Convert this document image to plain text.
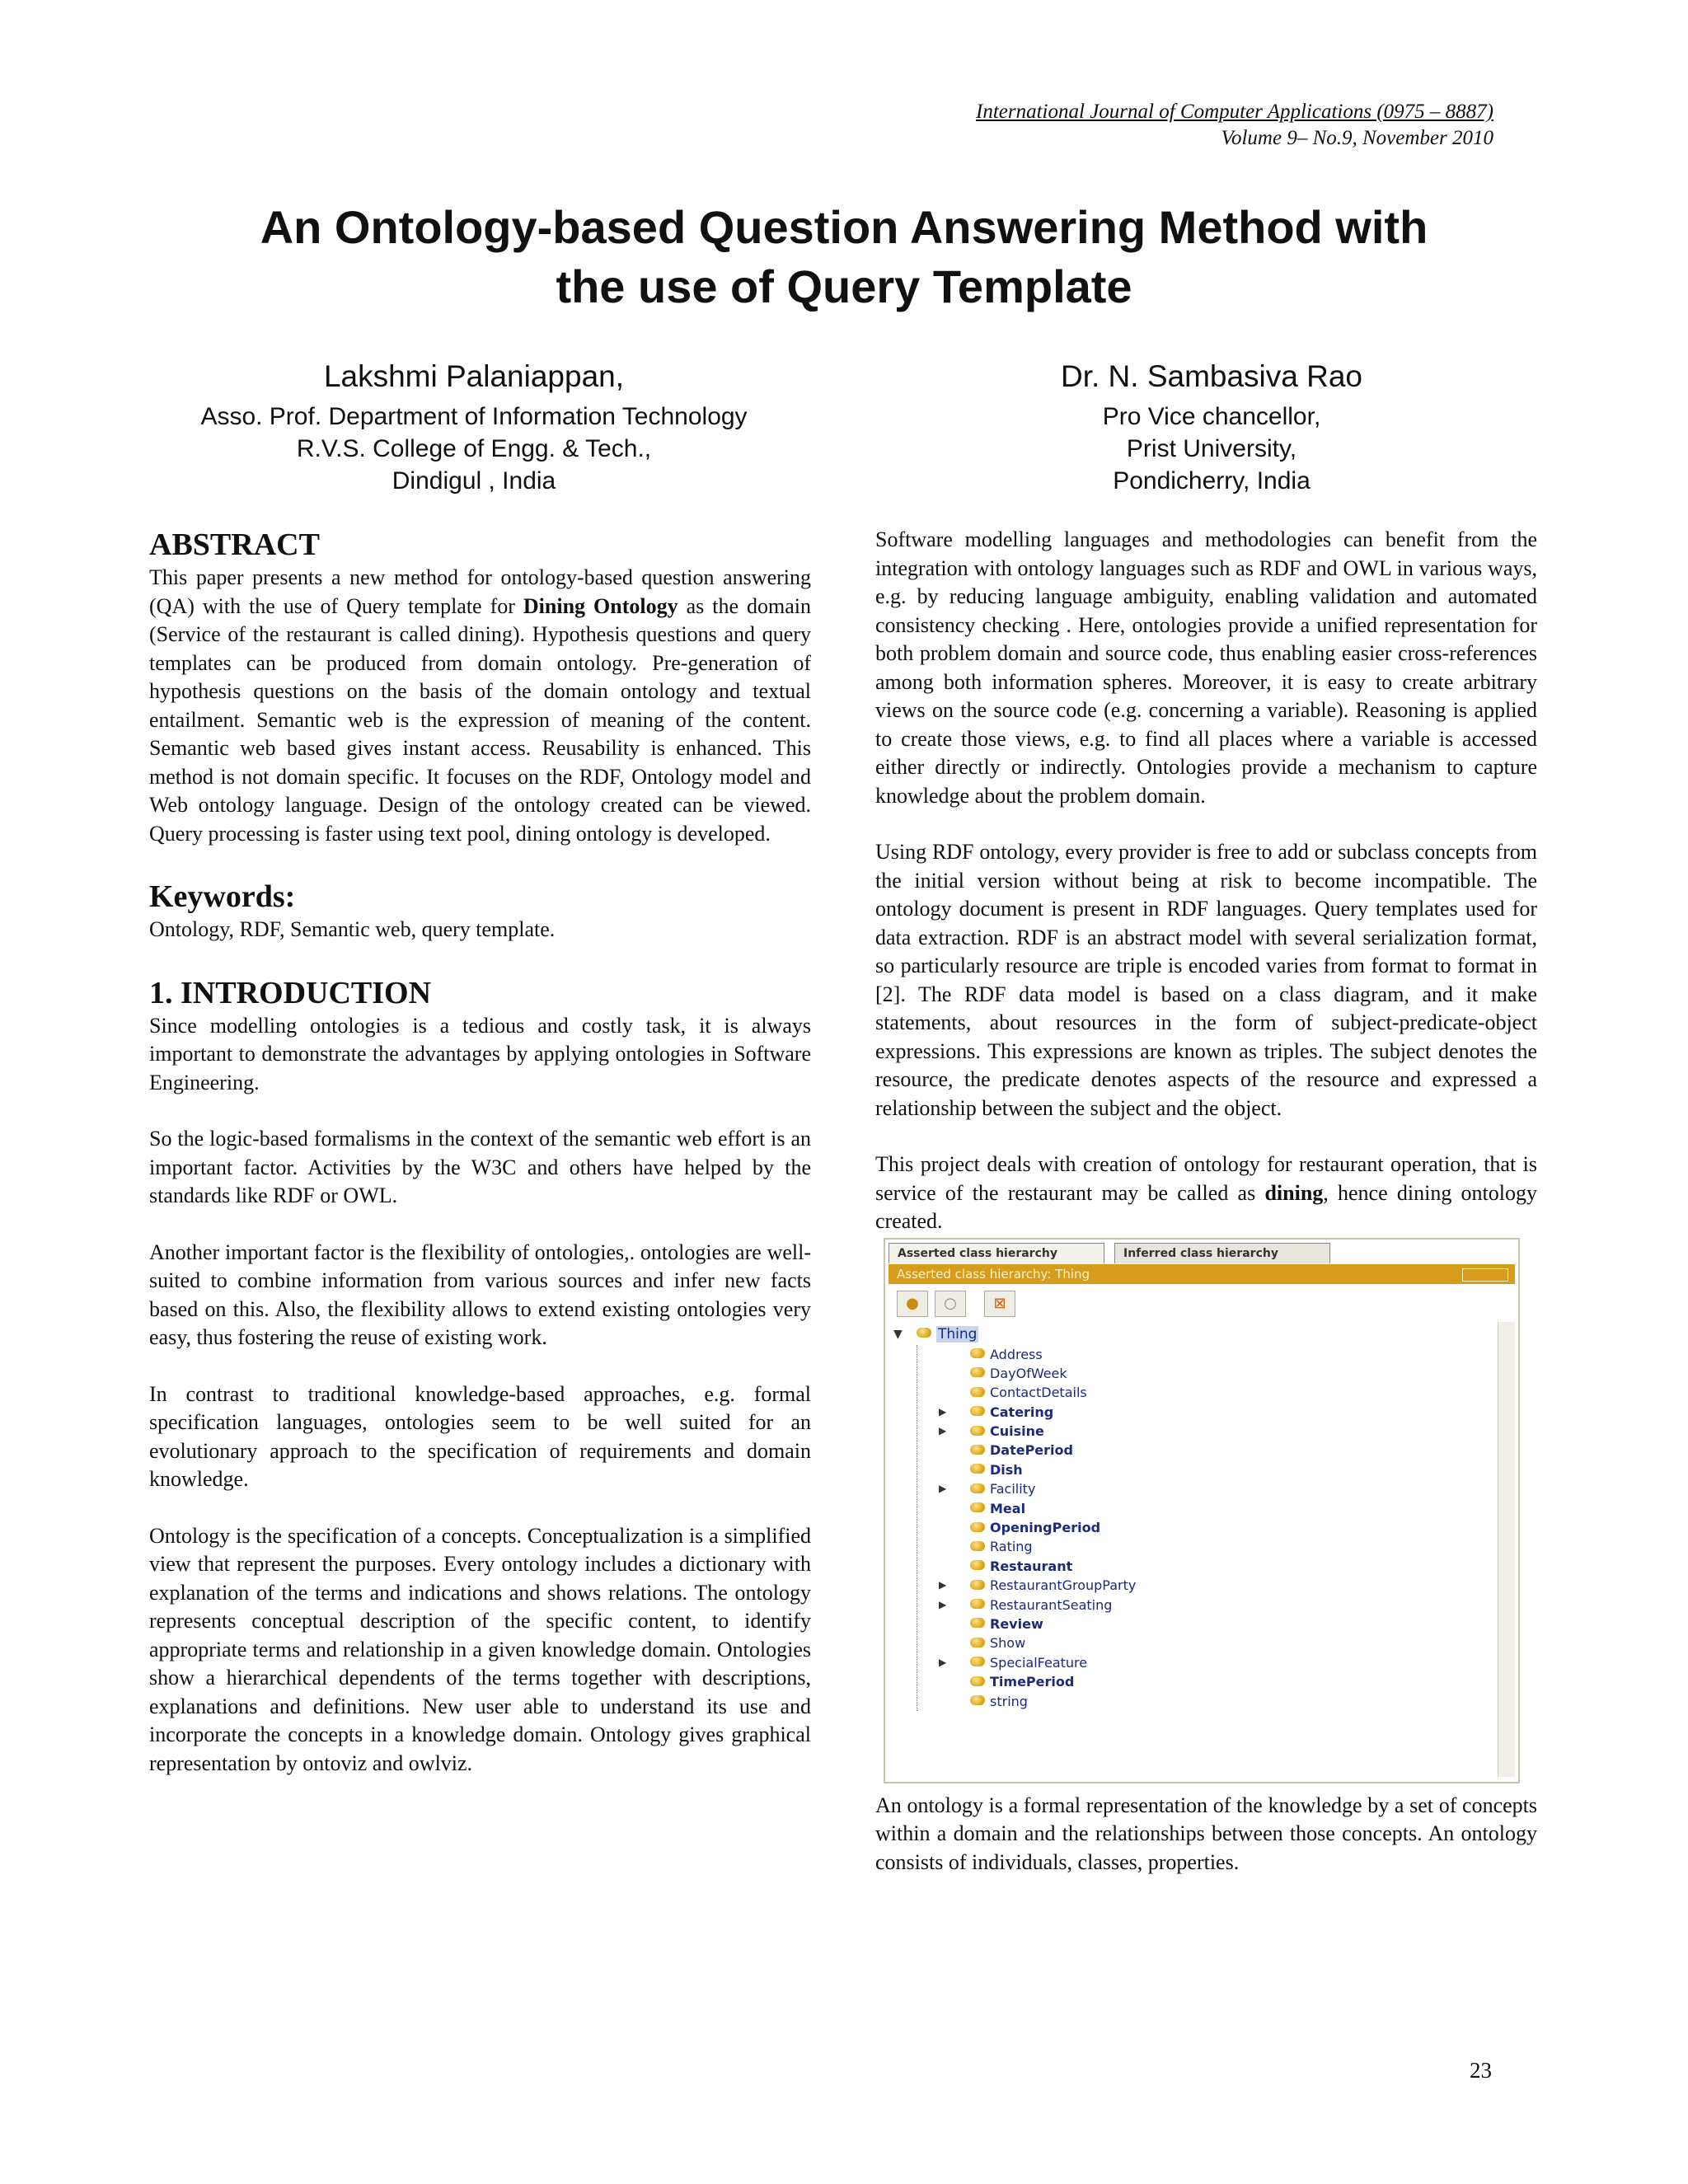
International Journal of Computer Applications (0975 – 8887)
Volume 9– No.9, November 2010
An Ontology-based Question Answering Method with
the use of Query Template
Lakshmi Palaniappan,
Asso. Prof. Department of Information Technology
R.V.S. College of Engg. & Tech.,
Dindigul , India
Dr. N. Sambasiva Rao
Pro Vice chancellor,
Prist University,
Pondicherry, India
ABSTRACT

This paper presents a new method for ontology-based question answering (QA) with the use of Query template for Dining Ontology as the domain (Service of the restaurant is called dining). Hypothesis questions and query templates can be produced from domain ontology. Pre-generation of hypothesis questions on the basis of the domain ontology and textual entailment. Semantic web is the expression of meaning of the content. Semantic web based gives instant access. Reusability is enhanced. This method is not domain specific. It focuses on the RDF, Ontology model and Web ontology language. Design of the ontology created can be viewed. Query processing is faster using text pool, dining ontology is developed.

Keywords:

Ontology, RDF, Semantic web, query template.

1. INTRODUCTION

Since modelling ontologies is a tedious and costly task, it is always important to demonstrate the advantages by applying ontologies in Software Engineering.

So the logic-based formalisms in the context of the semantic web effort is an important factor. Activities by the W3C and others have helped by the standards like RDF or OWL.

Another important factor is the flexibility of ontologies,. ontologies are well-suited to combine information from various sources and infer new facts based on this. Also, the flexibility allows to extend existing ontologies very easy, thus fostering the reuse of existing work.

In contrast to traditional knowledge-based approaches, e.g. formal specification languages, ontologies seem to be well suited for an evolutionary approach to the specification of requirements and domain knowledge.

Ontology is the specification of a concepts. Conceptualization is a simplified view that represent the purposes. Every ontology includes a dictionary with explanation of the terms and indications and shows relations. The ontology represents conceptual description of the specific content, to identify appropriate terms and relationship in a given knowledge domain. Ontologies show a hierarchical dependents of the terms together with descriptions, explanations and definitions. New user able to understand its use and incorporate the concepts in a knowledge domain. Ontology gives graphical representation by ontoviz and owlviz.

Software modelling languages and methodologies can benefit from the integration with ontology languages such as RDF and OWL in various ways, e.g. by reducing language ambiguity, enabling validation and automated consistency checking . Here, ontologies provide a unified representation for both problem domain and source code, thus enabling easier cross-references among both information spheres. Moreover, it is easy to create arbitrary views on the source code (e.g. concerning a variable). Reasoning is applied to create those views, e.g. to find all places where a variable is accessed either directly or indirectly. Ontologies provide a mechanism to capture knowledge about the problem domain.

Using RDF ontology, every provider is free to add or subclass concepts from the initial version without being at risk to become incompatible. The ontology document is present in RDF languages. Query templates used for data extraction. RDF is an abstract model with several serialization format, so particularly resource are triple is encoded varies from format to format in [2]. The RDF data model is based on a class diagram, and it make statements, about resources in the form of subject-predicate-object expressions. This expressions are known as triples. The subject denotes the resource, the predicate denotes aspects of the resource and expressed a relationship between the subject and the object.

This project deals with creation of ontology for restaurant operation, that is service of the restaurant may be called as dining, hence dining ontology created.

Asserted class hierarchy	Inferred class hierarchy
Asserted class hierarchy: Thing
●	○	⊠
▼	Thing
Address
DayOfWeek
ContactDetails
▶	Catering
▶	Cuisine
DatePeriod
Dish
▶	Facility
Meal
OpeningPeriod
Rating
Restaurant
▶	RestaurantGroupParty
▶	RestaurantSeating
Review
Show
▶	SpecialFeature
TimePeriod
string

An ontology is a formal representation of the knowledge by a set of concepts within a domain and the relationships between those concepts. An ontology consists of individuals, classes, properties.

23
